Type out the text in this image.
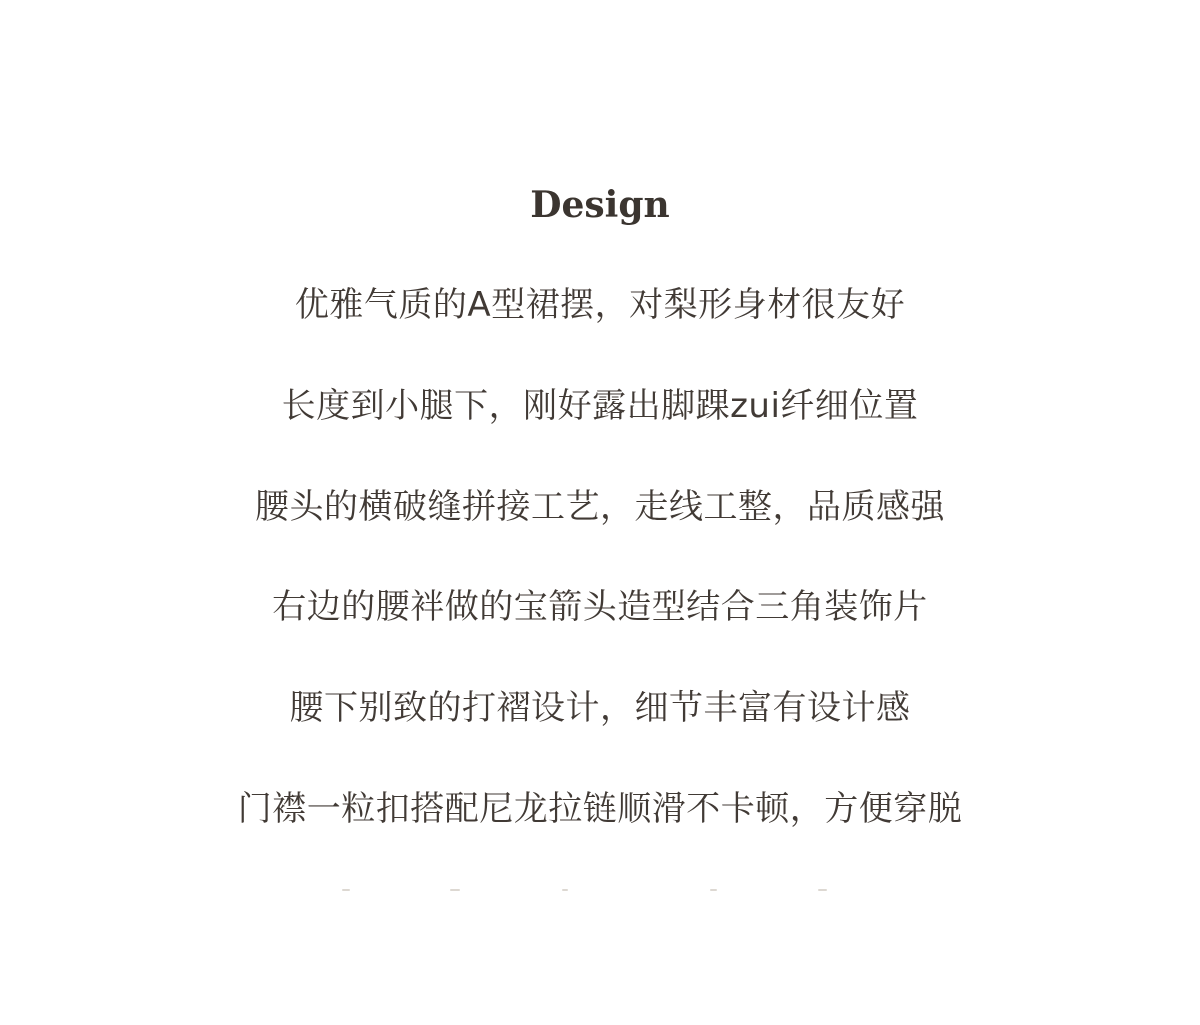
Design
优雅气质的A型裙摆，对梨形身材很友好
长度到小腿下，刚好露出脚踝zui纤细位置
腰头的横破缝拼接工艺，走线工整，品质感强
右边的腰袢做的宝箭头造型结合三角装饰片
腰下别致的打褶设计，细节丰富有设计感
门襟一粒扣搭配尼龙拉链顺滑不卡顿，方便穿脱
